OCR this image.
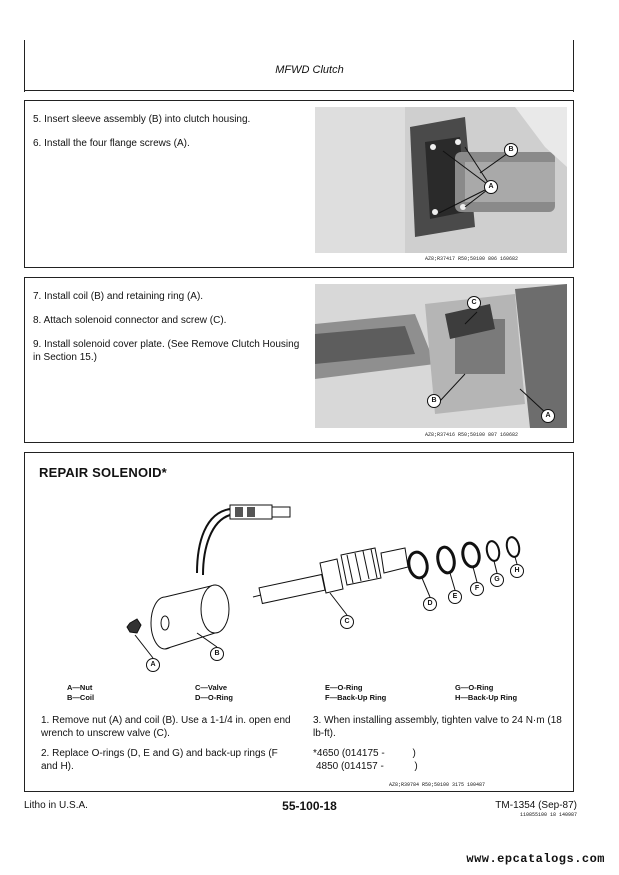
MFWD Clutch

5. Insert sleeve assembly (B) into clutch housing.

6. Install the four flange screws (A).

B
A
AZ8;R37417 R50;50100 806 160682

7. Install coil (B) and retaining ring (A).

8. Attach solenoid connector and screw (C).

9. Install solenoid cover plate. (See Remove Clutch Housing in Section 15.)

C
B
A
AZ8;R37416 R50;50100 807 160682
REPAIR SOLENOID*
A
B
C
D
E
F
G
H
A—Nut
B—Coil
C—Valve
D—O-Ring
E—O-Ring
F—Back-Up Ring
G—O-Ring
H—Back-Up Ring

1. Remove nut (A) and coil (B). Use a 1-1/4 in. open end wrench to unscrew valve (C).

2. Replace O-rings (D, E and G) and back-up rings (F and H).

3. When installing assembly, tighten valve to 24 N·m (18 lb-ft).

*4650 (014175 -          )
4850 (014157 -           )
AZ8;R39784 R50;50100 3175 100487
Litho in U.S.A.	55-100-18	TM-1354 (Sep-87)
110855100 18 140987
www.epcatalogs.com
